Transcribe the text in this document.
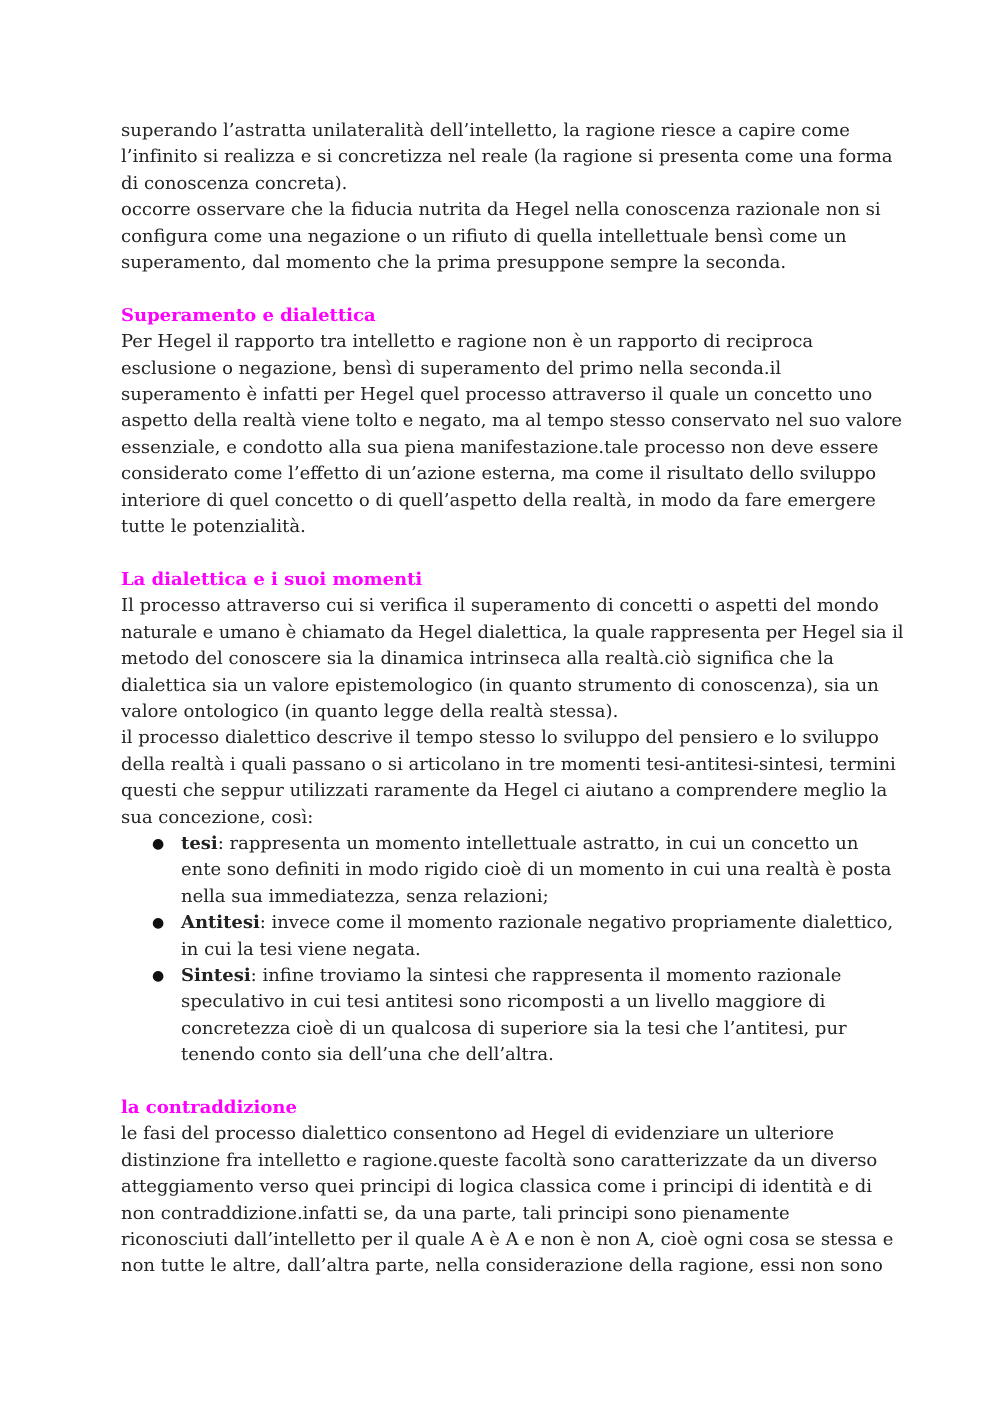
superando l’astratta unilateralità dell’intelletto, la ragione riesce a capire come
l’infinito si realizza e si concretizza nel reale (la ragione si presenta come una forma
di conoscenza concreta).
occorre osservare che la fiducia nutrita da Hegel nella conoscenza razionale non si
configura come una negazione o un rifiuto di quella intellettuale bensì come un
superamento, dal momento che la prima presuppone sempre la seconda.
Superamento e dialettica
Per Hegel il rapporto tra intelletto e ragione non è un rapporto di reciproca
esclusione o negazione, bensì di superamento del primo nella seconda.il
superamento è infatti per Hegel quel processo attraverso il quale un concetto uno
aspetto della realtà viene tolto e negato, ma al tempo stesso conservato nel suo valore
essenziale, e condotto alla sua piena manifestazione.tale processo non deve essere
considerato come l’effetto di un’azione esterna, ma come il risultato dello sviluppo
interiore di quel concetto o di quell’aspetto della realtà, in modo da fare emergere
tutte le potenzialità.
La dialettica e i suoi momenti
Il processo attraverso cui si verifica il superamento di concetti o aspetti del mondo
naturale e umano è chiamato da Hegel dialettica, la quale rappresenta per Hegel sia il
metodo del conoscere sia la dinamica intrinseca alla realtà.ciò significa che la
dialettica sia un valore epistemologico (in quanto strumento di conoscenza), sia un
valore ontologico (in quanto legge della realtà stessa).
il processo dialettico descrive il tempo stesso lo sviluppo del pensiero e lo sviluppo
della realtà i quali passano o si articolano in tre momenti tesi-antitesi-sintesi, termini
questi che seppur utilizzati raramente da Hegel ci aiutano a comprendere meglio la
sua concezione, così:
● tesi: rappresenta un momento intellettuale astratto, in cui un concetto un
ente sono definiti in modo rigido cioè di un momento in cui una realtà è posta
nella sua immediatezza, senza relazioni;
● Antitesi: invece come il momento razionale negativo propriamente dialettico,
in cui la tesi viene negata.
● Sintesi: infine troviamo la sintesi che rappresenta il momento razionale
speculativo in cui tesi antitesi sono ricomposti a un livello maggiore di
concretezza cioè di un qualcosa di superiore sia la tesi che l’antitesi, pur
tenendo conto sia dell’una che dell’altra.
la contraddizione
le fasi del processo dialettico consentono ad Hegel di evidenziare un ulteriore
distinzione fra intelletto e ragione.queste facoltà sono caratterizzate da un diverso
atteggiamento verso quei principi di logica classica come i principi di identità e di
non contraddizione.infatti se, da una parte, tali principi sono pienamente
riconosciuti dall’intelletto per il quale A è A e non è non A, cioè ogni cosa se stessa e
non tutte le altre, dall’altra parte, nella considerazione della ragione, essi non sono
